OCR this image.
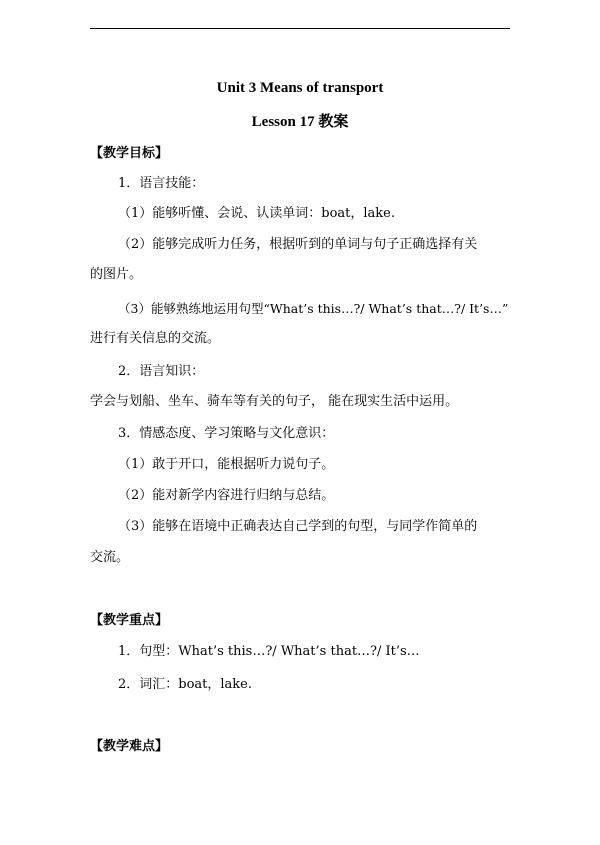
Unit 3 Means of transport
Lesson 17 教案
【教学目标】
1．语言技能：
（1）能够听懂、会说、认读单词：boat，lake.
（2）能够完成听力任务，根据听到的单词与句子正确选择有关
的图片。
（3）能够熟练地运用句型“What’s this…?/ What’s that…?/ It’s…”
进行有关信息的交流。
2．语言知识：
学会与划船、坐车、骑车等有关的句子， 能在现实生活中运用。
3．情感态度、学习策略与文化意识：
（1）敢于开口，能根据听力说句子。
（2）能对新学内容进行归纳与总结。
（3）能够在语境中正确表达自己学到的句型，与同学作简单的
交流。
【教学重点】
1．句型：What’s this…?/ What’s that…?/ It’s…
2．词汇：boat，lake.
【教学难点】
